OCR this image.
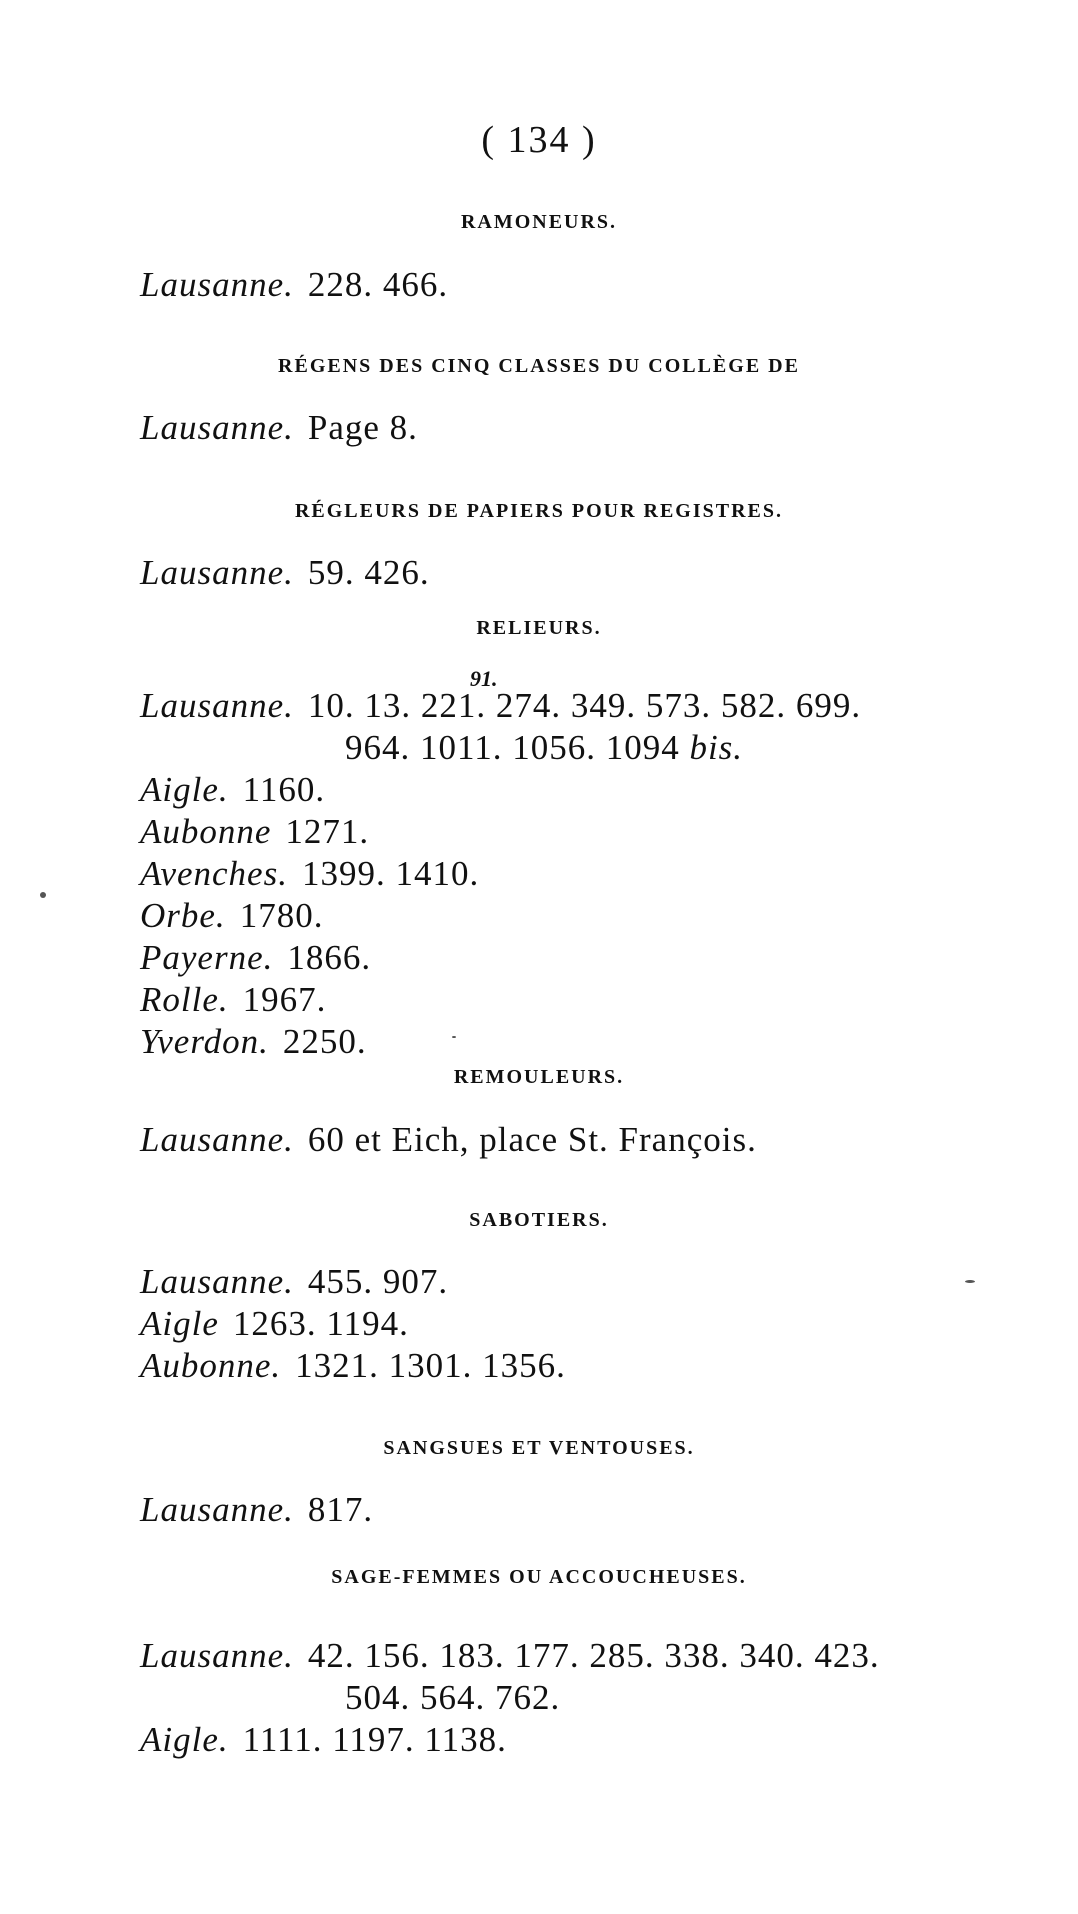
( 134 )
RAMONEURS.
Lausanne. 228. 466.
RÉGENS DES CINQ CLASSES DU COLLÈGE DE
Lausanne. Page 8.
RÉGLEURS DE PAPIERS POUR REGISTRES.
Lausanne. 59. 426.
RELIEURS.
91.
Lausanne. 10. 13. 221. 274. 349. 573. 582. 699.
964. 1011. 1056. 1094 bis.
Aigle. 1160.
Aubonne 1271.
Avenches. 1399. 1410.
Orbe. 1780.
Payerne. 1866.
Rolle. 1967.
Yverdon. 2250.
REMOULEURS.
Lausanne. 60 et Eich, place St. François.
SABOTIERS.
Lausanne. 455. 907.
Aigle 1263. 1194.
Aubonne. 1321. 1301. 1356.
SANGSUES ET VENTOUSES.
Lausanne. 817.
SAGE-FEMMES OU ACCOUCHEUSES.
Lausanne. 42. 156. 183. 177. 285. 338. 340. 423.
504. 564. 762.
Aigle. 1111. 1197. 1138.
